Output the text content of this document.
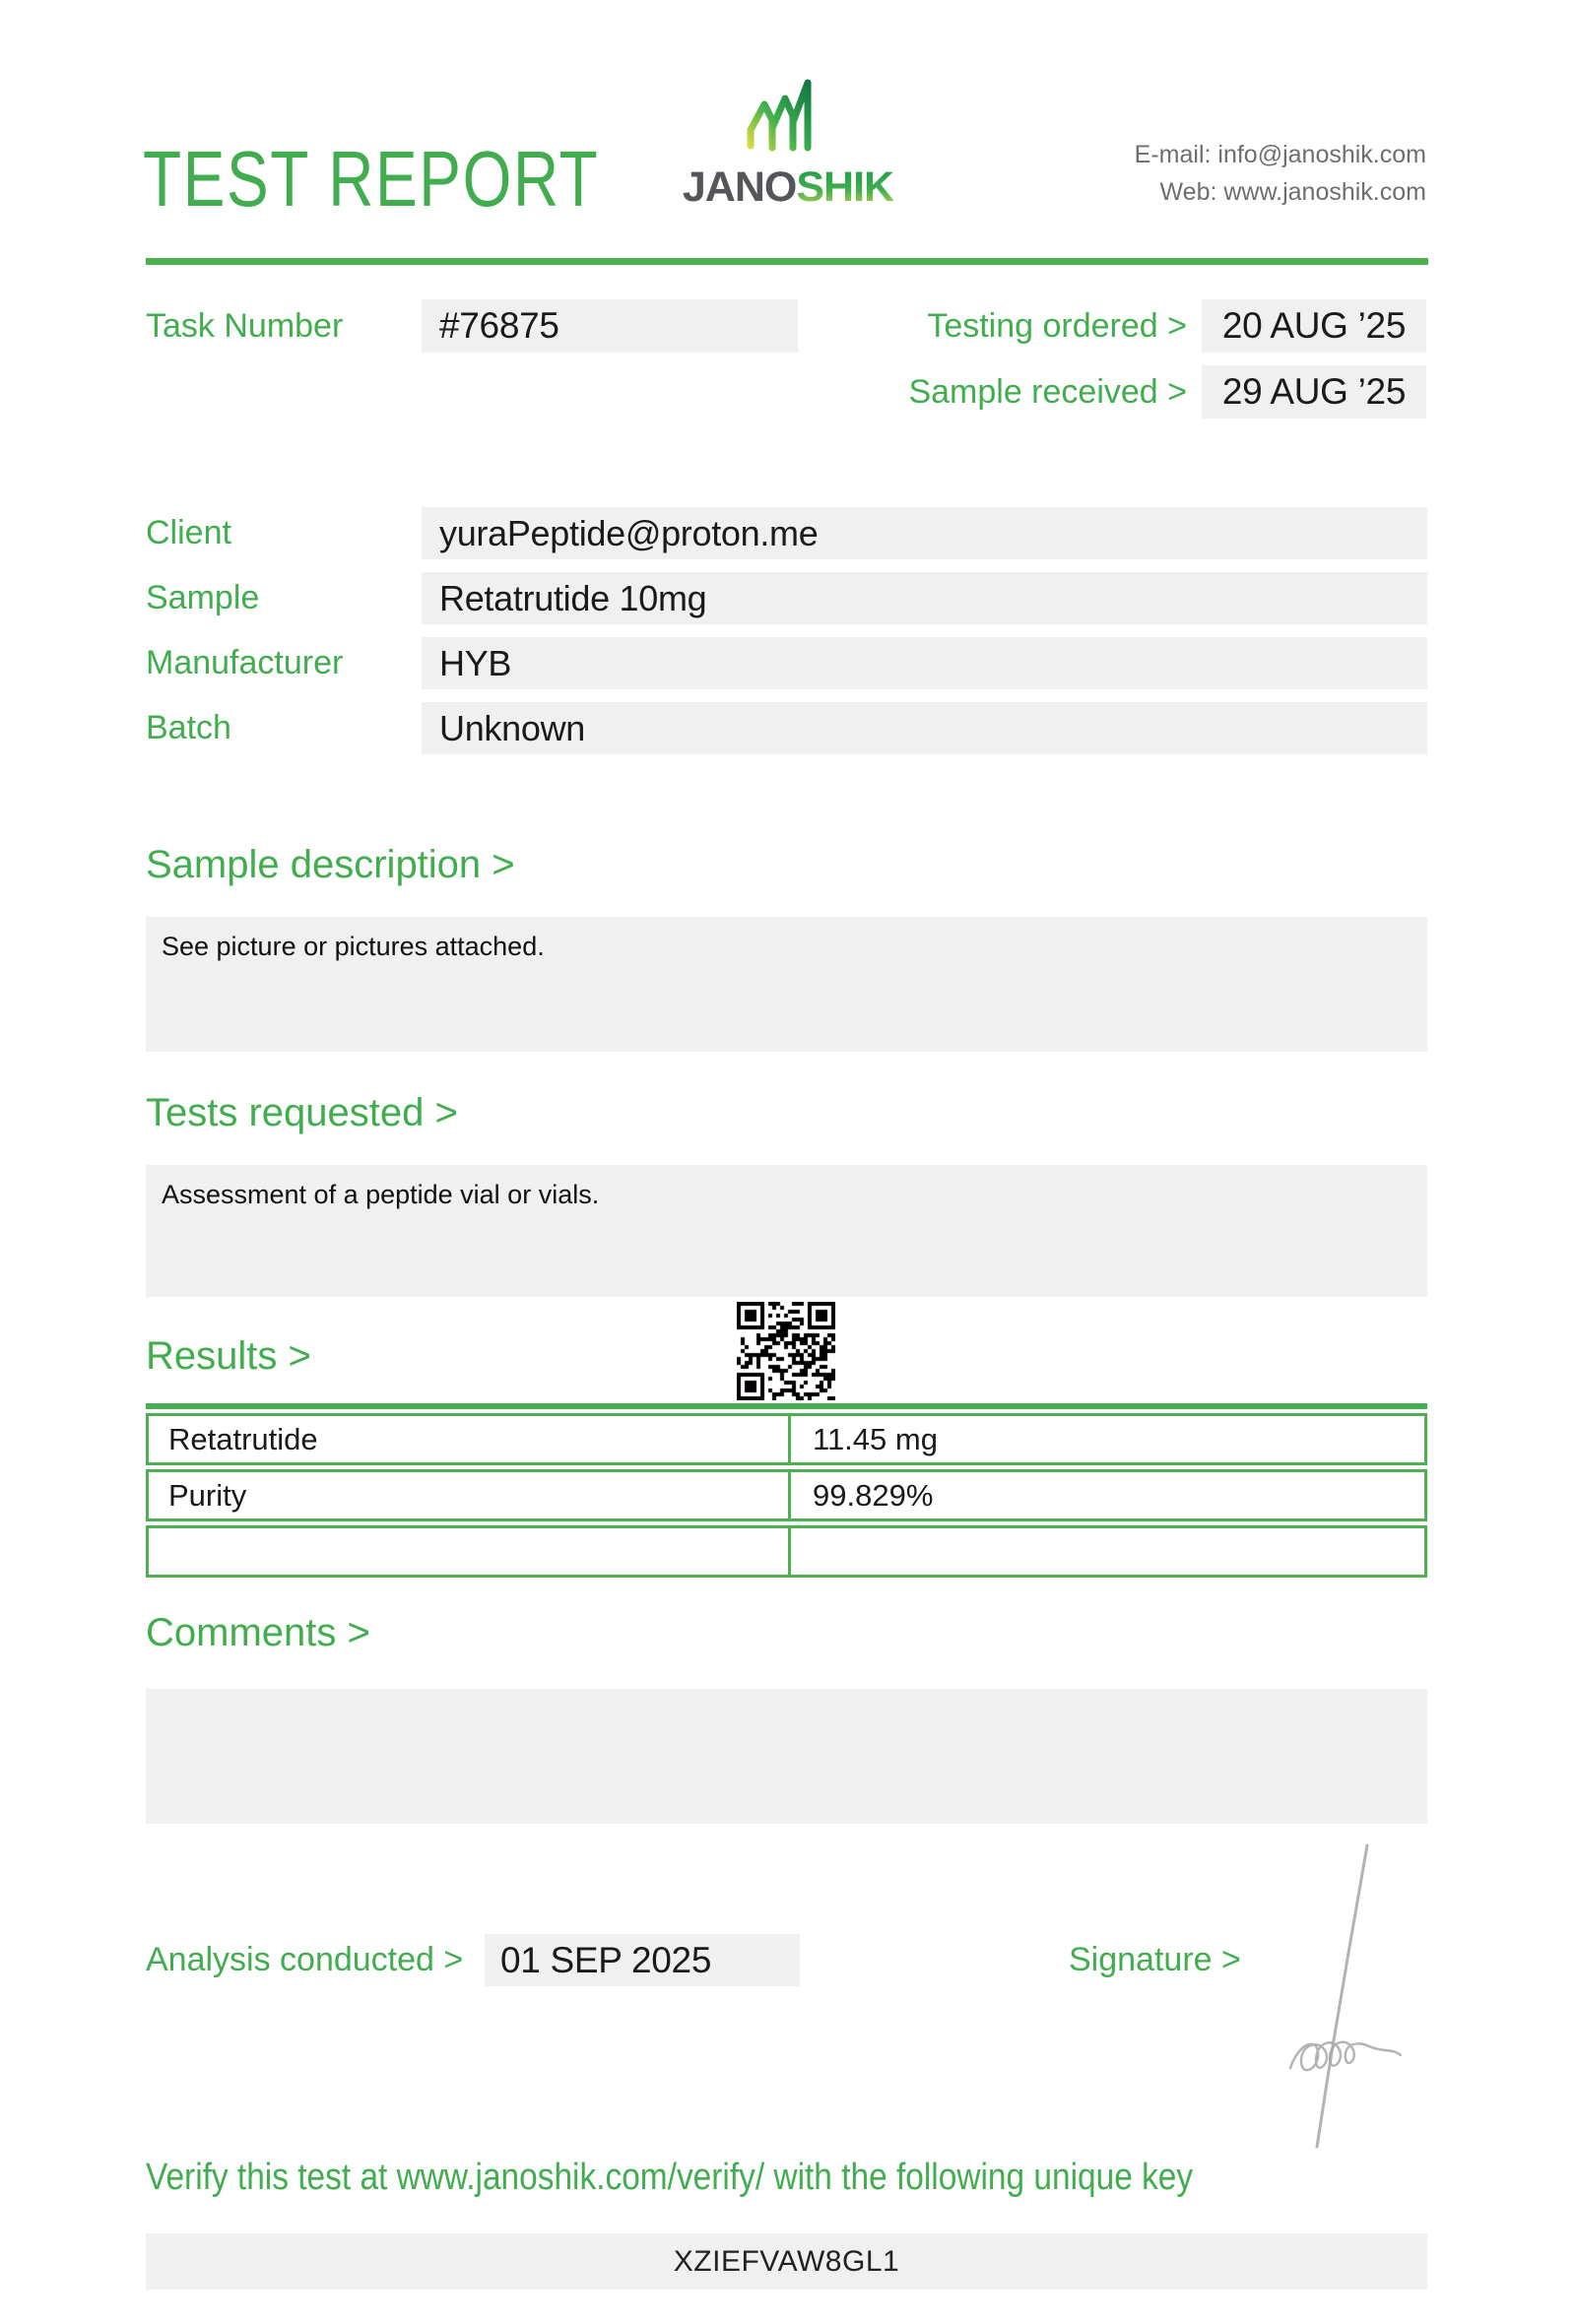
TEST REPORT JANOSHIK
E-mail: info@janoshik.com
Web: www.janoshik.com
Task Number	#76875	Testing ordered > 20 AUG ’25
Sample received > 29 AUG ’25
Client	yuraPeptide@proton.me
Sample	Retatrutide 10mg
Manufacturer	HYB
Batch	Unknown
Sample description >
See picture or pictures attached.
Tests requested >
Assessment of a peptide vial or vials.
Results >
Retatrutide	11.45 mg
Purity	99.829%
Comments >
Analysis conducted >	01 SEP 2025	Signature >
Verify this test at www.janoshik.com/verify/ with the following unique key
XZIEFVAW8GL1
